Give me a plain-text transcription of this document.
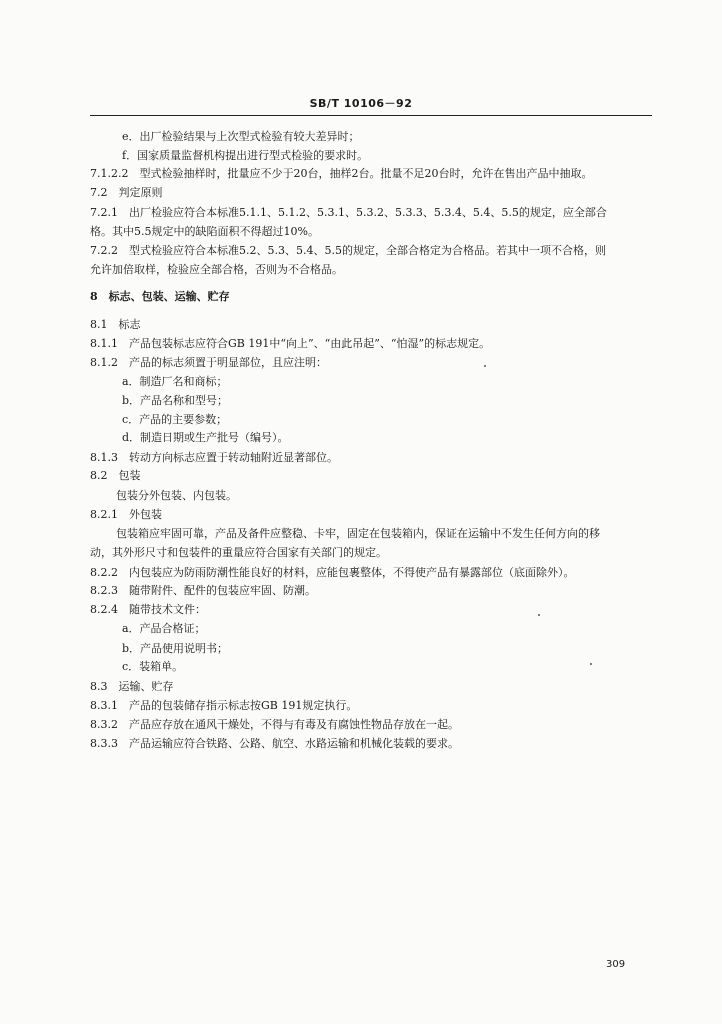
SB/T 10106－92
e．出厂检验结果与上次型式检验有较大差异时；
f．国家质量监督机构提出进行型式检验的要求时。
7.1.2.2　型式检验抽样时，批量应不少于20台，抽样2台。批量不足20台时，允许在售出产品中抽取。
7.2　判定原则
7.2.1　出厂检验应符合本标准5.1.1、5.1.2、5.3.1、5.3.2、5.3.3、5.3.4、5.4、5.5的规定，应全部合
格。其中5.5规定中的缺陷面积不得超过10%。
7.2.2　型式检验应符合本标准5.2、5.3、5.4、5.5的规定，全部合格定为合格品。若其中一项不合格，则
允许加倍取样，检验应全部合格，否则为不合格品。
8　标志、包装、运输、贮存
8.1　标志
8.1.1　产品包装标志应符合GB 191中“向上”、“由此吊起”、“怕湿”的标志规定。
8.1.2　产品的标志须置于明显部位，且应注明：
a．制造厂名和商标；
b．产品名称和型号；
c．产品的主要参数；
d．制造日期或生产批号（编号）。
8.1.3　转动方向标志应置于转动轴附近显著部位。
8.2　包装
包装分外包装、内包装。
8.2.1　外包装
包装箱应牢固可靠，产品及备件应整稳、卡牢，固定在包装箱内，保证在运输中不发生任何方向的移
动，其外形尺寸和包装件的重量应符合国家有关部门的规定。
8.2.2　内包装应为防雨防潮性能良好的材料，应能包裹整体，不得使产品有暴露部位（底面除外）。
8.2.3　随带附件、配件的包装应牢固、防潮。
8.2.4　随带技术文件：
a．产品合格证；
b．产品使用说明书；
c．装箱单。
8.3　运输、贮存
8.3.1　产品的包装储存指示标志按GB 191规定执行。
8.3.2　产品应存放在通风干燥处，不得与有毒及有腐蚀性物品存放在一起。
8.3.3　产品运输应符合铁路、公路、航空、水路运输和机械化装载的要求。
309
